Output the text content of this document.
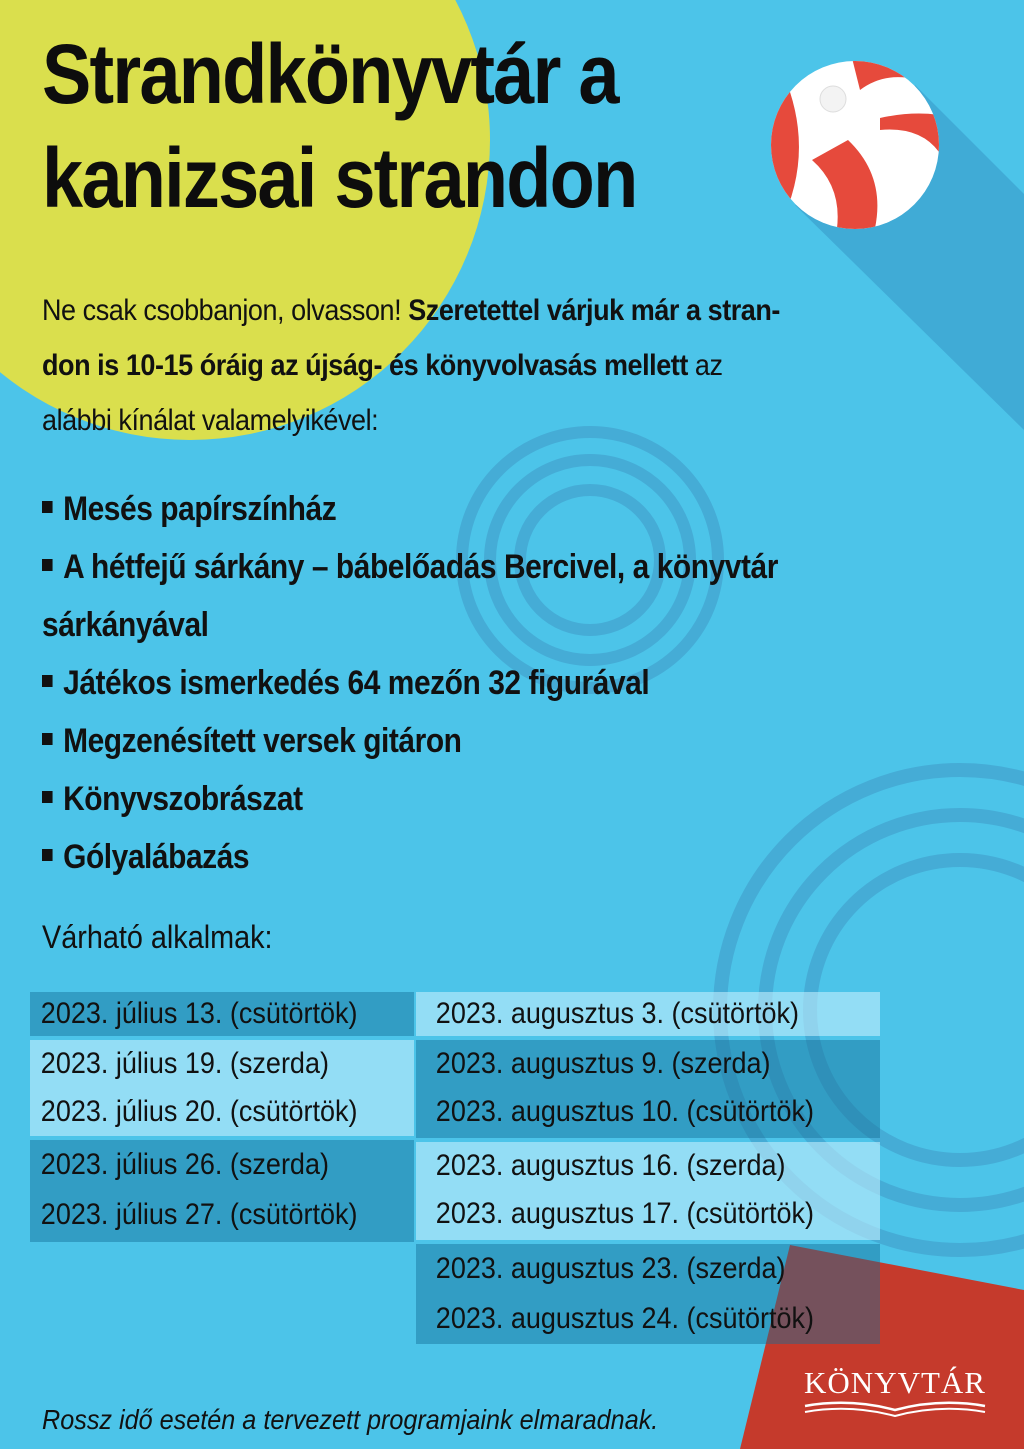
Strandkönyvtár a
kanizsai strandon

Ne csak csobbanjon, olvasson! Szeretettel várjuk már a stran-
don is 10-15 óráig az újság- és könyvolvasás mellett az
alábbi kínálat valamelyikével:

Mesés papírszínház
A hétfejű sárkány – bábelőadás Bercivel, a könyvtár
sárkányával
Játékos ismerkedés 64 mezőn 32 figurával
Megzenésített versek gitáron
Könyvszobrászat
Gólyalábazás

Várható alkalmak:

2023. július 13. (csütörtök)
2023. július 19. (szerda)
2023. július 20. (csütörtök)
2023. július 26. (szerda)
2023. július 27. (csütörtök)
2023. augusztus 3. (csütörtök)
2023. augusztus 9. (szerda)
2023. augusztus 10. (csütörtök)
2023. augusztus 16. (szerda)
2023. augusztus 17. (csütörtök)
2023. augusztus 23. (szerda)
2023. augusztus 24. (csütörtök)

Rossz idő esetén a tervezett programjaink elmaradnak.

KÖNYVTÁR
